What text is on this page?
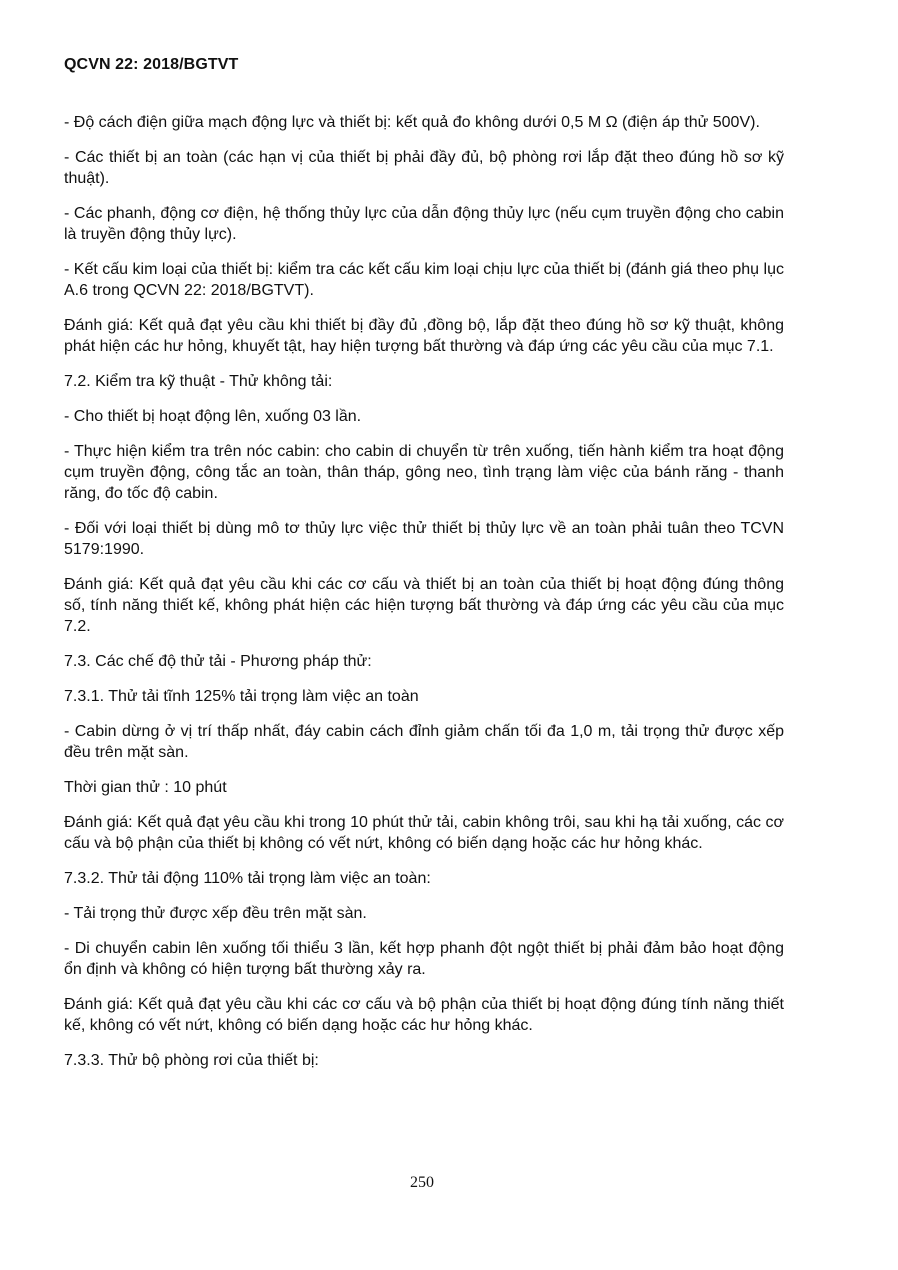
QCVN 22: 2018/BGTVT

- Độ cách điện giữa mạch động lực và thiết bị: kết quả đo không dưới 0,5 M Ω (điện áp thử 500V).

- Các thiết bị an toàn (các hạn vị của thiết bị phải đầy đủ, bộ phòng rơi lắp đặt theo đúng hồ sơ kỹ thuật).

- Các phanh, động cơ điện, hệ thống thủy lực của dẫn động thủy lực (nếu cụm truyền động cho cabin là truyền động thủy lực).

- Kết cấu kim loại của thiết bị: kiểm tra các kết cấu kim loại chịu lực của thiết bị (đánh giá theo phụ lục A.6 trong QCVN 22: 2018/BGTVT).

Đánh giá: Kết quả đạt yêu cầu khi thiết bị đầy đủ ,đồng bộ, lắp đặt theo đúng hồ sơ kỹ thuật, không phát hiện các hư hỏng, khuyết tật, hay hiện tượng bất thường và đáp ứng các yêu cầu của mục 7.1.

7.2. Kiểm tra kỹ thuật - Thử không tải:

- Cho thiết bị hoạt động lên, xuống 03 lần.

- Thực hiện kiểm tra trên nóc cabin: cho cabin di chuyển từ trên xuống, tiến hành kiểm tra hoạt động cụm truyền động, công tắc an toàn, thân tháp, gông neo, tình trạng làm việc của bánh răng - thanh răng, đo tốc độ cabin.

- Đối với loại thiết bị dùng mô tơ thủy lực việc thử thiết bị thủy lực về an toàn phải tuân theo TCVN 5179:1990.

Đánh giá: Kết quả đạt yêu cầu khi các cơ cấu và thiết bị an toàn của thiết bị hoạt động đúng thông số, tính năng thiết kế, không phát hiện các hiện tượng bất thường và đáp ứng các yêu cầu của mục 7.2.

7.3. Các chế độ thử tải - Phương pháp thử:

7.3.1. Thử tải tĩnh 125% tải trọng làm việc an toàn

- Cabin dừng ở vị trí thấp nhất, đáy cabin cách đỉnh giảm chấn tối đa 1,0 m, tải trọng thử được xếp đều trên mặt sàn.

Thời gian thử : 10 phút

Đánh giá: Kết quả đạt yêu cầu khi trong 10 phút thử tải, cabin không trôi, sau khi hạ tải xuống, các cơ cấu và bộ phận của thiết bị không có vết nứt, không có biến dạng hoặc các hư hỏng khác.

7.3.2. Thử tải động 110% tải trọng làm việc an toàn:

- Tải trọng thử được xếp đều trên mặt sàn.

- Di chuyển cabin lên xuống tối thiểu 3 lần, kết hợp phanh đột ngột thiết bị phải đảm bảo hoạt động ổn định và không có hiện tượng bất thường xảy ra.

Đánh giá: Kết quả đạt yêu cầu khi các cơ cấu và bộ phận của thiết bị hoạt động đúng tính năng thiết kế, không có vết nứt, không có biến dạng hoặc các hư hỏng khác.

7.3.3. Thử bộ phòng rơi của thiết bị:

250
